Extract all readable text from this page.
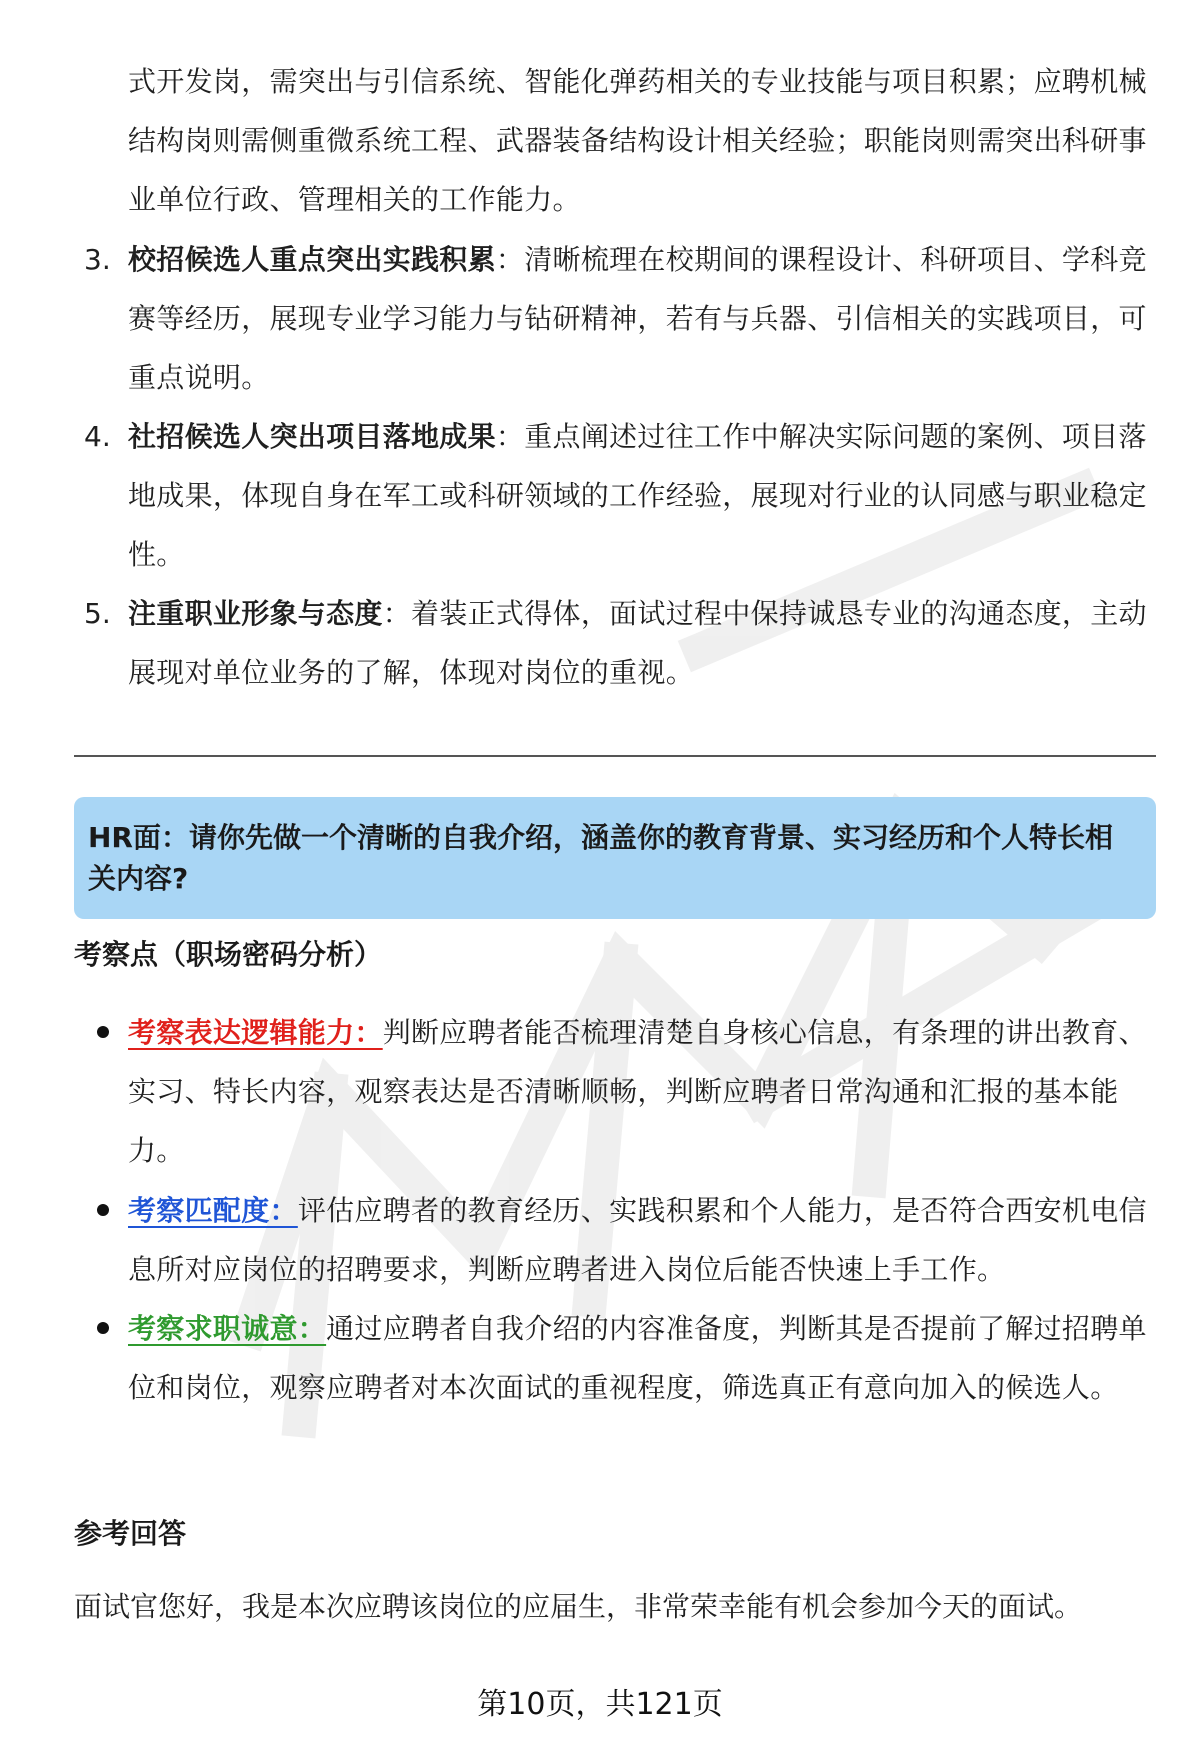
式开发岗，需突出与引信系统、智能化弹药相关的专业技能与项目积累；应聘机械结构岗则需侧重微系统工程、武器装备结构设计相关经验；职能岗则需突出科研事业单位行政、管理相关的工作能力。
3. 校招候选人重点突出实践积累：清晰梳理在校期间的课程设计、科研项目、学科竞赛等经历，展现专业学习能力与钻研精神，若有与兵器、引信相关的实践项目，可重点说明。
4. 社招候选人突出项目落地成果：重点阐述过往工作中解决实际问题的案例、项目落地成果，体现自身在军工或科研领域的工作经验，展现对行业的认同感与职业稳定性。
5. 注重职业形象与态度：着装正式得体，面试过程中保持诚恳专业的沟通态度，主动展现对单位业务的了解，体现对岗位的重视。
HR面：请你先做一个清晰的自我介绍，涵盖你的教育背景、实习经历和个人特长相关内容?
考察点（职场密码分析）
考察表达逻辑能力：判断应聘者能否梳理清楚自身核心信息，有条理的讲出教育、实习、特长内容，观察表达是否清晰顺畅，判断应聘者日常沟通和汇报的基本能力。
考察匹配度：评估应聘者的教育经历、实践积累和个人能力，是否符合西安机电信息所对应岗位的招聘要求，判断应聘者进入岗位后能否快速上手工作。
考察求职诚意：通过应聘者自我介绍的内容准备度，判断其是否提前了解过招聘单位和岗位，观察应聘者对本次面试的重视程度，筛选真正有意向加入的候选人。
参考回答
面试官您好，我是本次应聘该岗位的应届生，非常荣幸能有机会参加今天的面试。
第10页，共121页
